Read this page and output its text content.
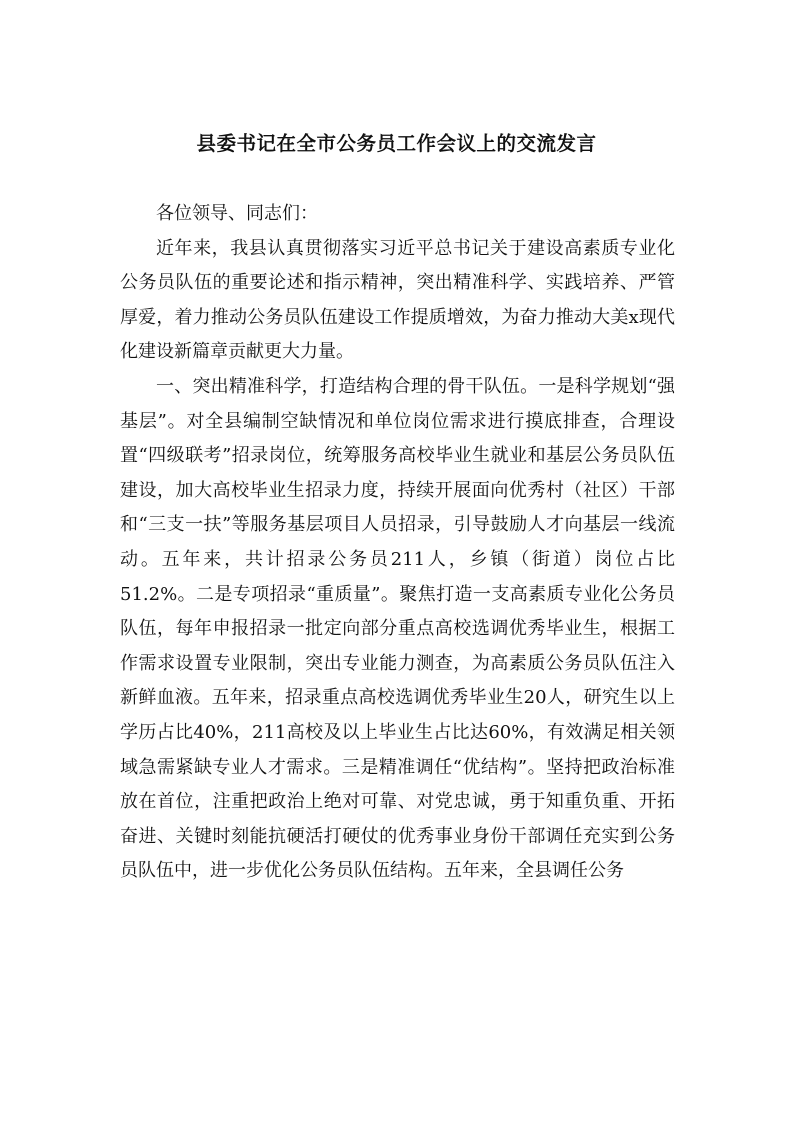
县委书记在全市公务员工作会议上的交流发言

各位领导、同志们：

近年来，我县认真贯彻落实习近平总书记关于建设高素质专业化公务员队伍的重要论述和指示精神，突出精准科学、实践培养、严管厚爱，着力推动公务员队伍建设工作提质增效，为奋力推动大美x现代化建设新篇章贡献更大力量。

一、突出精准科学，打造结构合理的骨干队伍。一是科学规划“强基层”。对全县编制空缺情况和单位岗位需求进行摸底排查，合理设置“四级联考”招录岗位，统筹服务高校毕业生就业和基层公务员队伍建设，加大高校毕业生招录力度，持续开展面向优秀村（社区）干部和“三支一扶”等服务基层项目人员招录，引导鼓励人才向基层一线流动。五年来，共计招录公务员211人，乡镇（街道）岗位占比51.2%。二是专项招录“重质量”。聚焦打造一支高素质专业化公务员队伍，每年申报招录一批定向部分重点高校选调优秀毕业生，根据工作需求设置专业限制，突出专业能力测查，为高素质公务员队伍注入新鲜血液。五年来，招录重点高校选调优秀毕业生20人，研究生以上学历占比40%，211高校及以上毕业生占比达60%，有效满足相关领域急需紧缺专业人才需求。三是精准调任“优结构”。坚持把政治标准放在首位，注重把政治上绝对可靠、对党忠诚，勇于知重负重、开拓奋进、关键时刻能抗硬活打硬仗的优秀事业身份干部调任充实到公务员队伍中，进一步优化公务员队伍结构。五年来，全县调任公务
